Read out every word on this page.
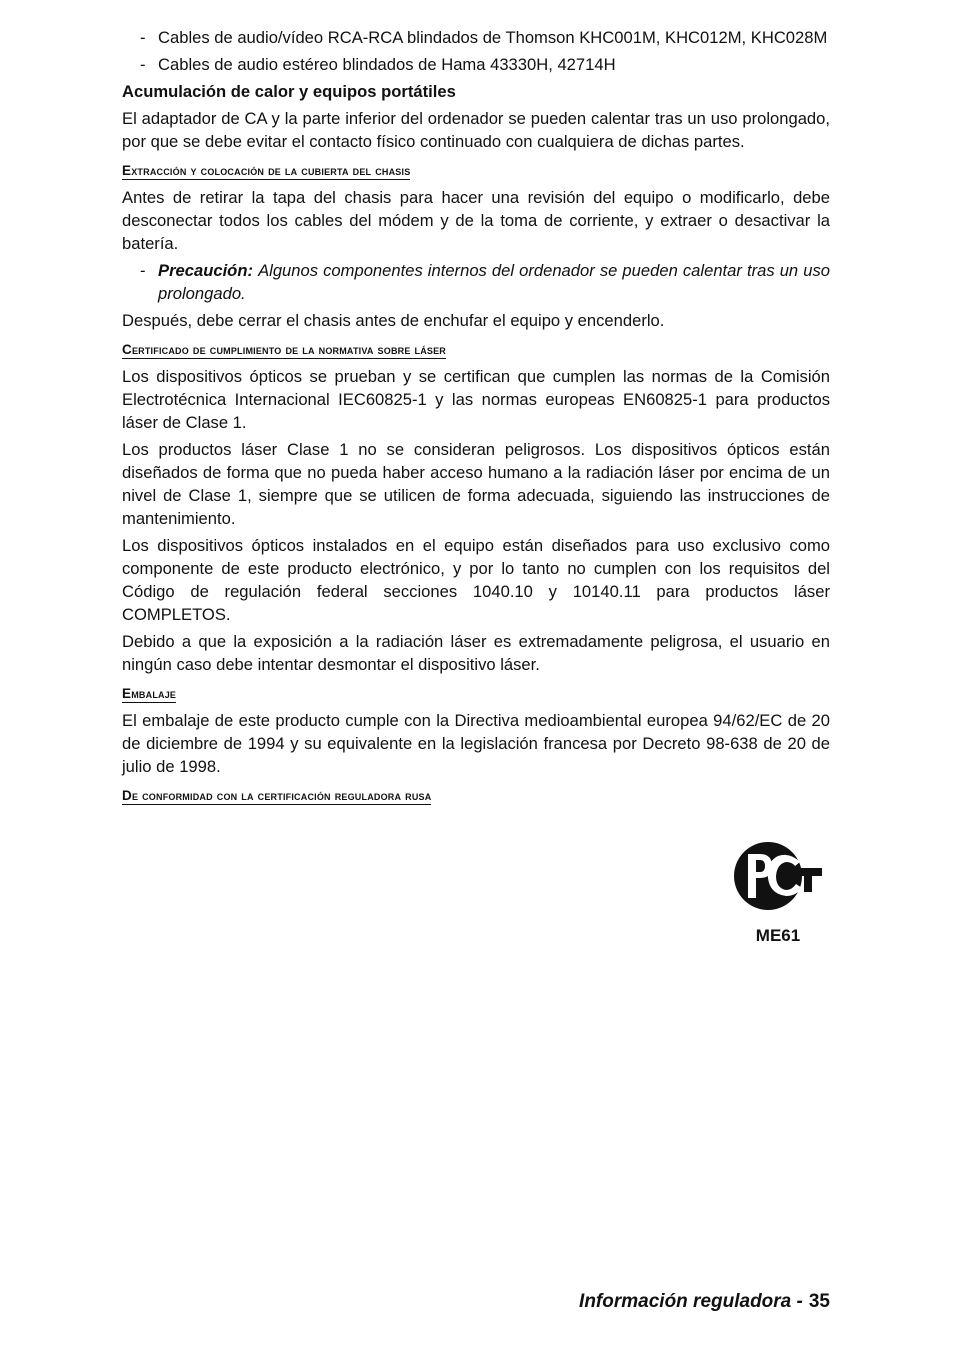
- Cables de audio/vídeo RCA-RCA blindados de Thomson KHC001M, KHC012M, KHC028M
- Cables de audio estéreo blindados de Hama 43330H, 42714H
Acumulación de calor y equipos portátiles

El adaptador de CA y la parte inferior del ordenador se pueden calentar tras un uso prolongado, por que se debe evitar el contacto físico continuado con cualquiera de dichas partes.

Extracción y colocación de la cubierta del chasis

Antes de retirar la tapa del chasis para hacer una revisión del equipo o modificarlo, debe desconectar todos los cables del módem y de la toma de corriente, y extraer o desactivar la batería.

- Precaución: Algunos componentes internos del ordenador se pueden calentar tras un uso prolongado.

Después, debe cerrar el chasis antes de enchufar el equipo y encenderlo.

Certificado de cumplimiento de la normativa sobre láser

Los dispositivos ópticos se prueban y se certifican que cumplen las normas de la Comisión Electrotécnica Internacional IEC60825-1 y las normas europeas EN60825-1 para productos láser de Clase 1.

Los productos láser Clase 1 no se consideran peligrosos. Los dispositivos ópticos están diseñados de forma que no pueda haber acceso humano a la radiación láser por encima de un nivel de Clase 1, siempre que se utilicen de forma adecuada, siguiendo las instrucciones de mantenimiento.

Los dispositivos ópticos instalados en el equipo están diseñados para uso exclusivo como componente de este producto electrónico, y por lo tanto no cumplen con los requisitos del Código de regulación federal secciones 1040.10 y 10140.11 para productos láser COMPLETOS.

Debido a que la exposición a la radiación láser es extremadamente peligrosa, el usuario en ningún caso debe intentar desmontar el dispositivo láser.

Embalaje

El embalaje de este producto cumple con la Directiva medioambiental europea 94/62/EC de 20 de diciembre de 1994 y su equivalente en la legislación francesa por Decreto 98-638 de 20 de julio de 1998.

De conformidad con la certificación reguladora rusa
ME61
Información reguladora - 35
